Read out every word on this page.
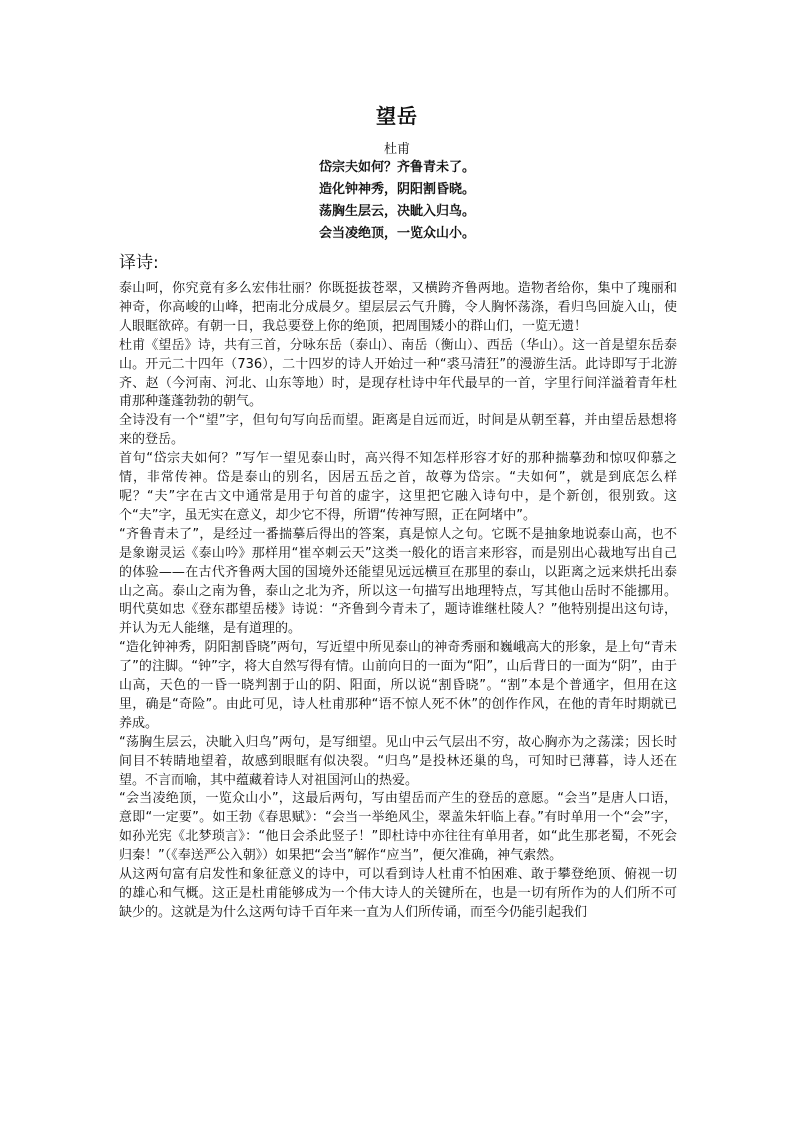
望岳
杜甫
岱宗夫如何？齐鲁青未了。
造化钟神秀，阴阳割昏晓。
荡胸生层云，决眦入归鸟。
会当凌绝顶，一览众山小。
译诗:

泰山呵，你究竟有多么宏伟壮丽？你既挺拔苍翠，又横跨齐鲁两地。造物者给你，集中了瑰丽和神奇，你高峻的山峰，把南北分成晨夕。望层层云气升腾，令人胸怀荡涤，看归鸟回旋入山，使人眼眶欲碎。有朝一日，我总要登上你的绝顶，把周围矮小的群山们，一览无遗！

杜甫《望岳》诗，共有三首，分咏东岳（泰山）、南岳（衡山）、西岳（华山）。这一首是望东岳泰山。开元二十四年（736），二十四岁的诗人开始过一种“裘马清狂”的漫游生活。此诗即写于北游齐、赵（今河南、河北、山东等地）时，是现存杜诗中年代最早的一首，字里行间洋溢着青年杜甫那种蓬蓬勃勃的朝气。

全诗没有一个“望”字，但句句写向岳而望。距离是自远而近，时间是从朝至暮，并由望岳悬想将来的登岳。

首句“岱宗夫如何？”写乍一望见泰山时，高兴得不知怎样形容才好的那种揣摹劲和惊叹仰慕之情，非常传神。岱是泰山的别名，因居五岳之首，故尊为岱宗。“夫如何”，就是到底怎么样呢？“夫”字在古文中通常是用于句首的虚字，这里把它融入诗句中，是个新创，很别致。这个“夫”字，虽无实在意义，却少它不得，所谓“传神写照，正在阿堵中”。

“齐鲁青未了”，是经过一番揣摹后得出的答案，真是惊人之句。它既不是抽象地说泰山高，也不是象谢灵运《泰山吟》那样用“崔卒刺云天”这类一般化的语言来形容，而是别出心裁地写出自己的体验——在古代齐鲁两大国的国境外还能望见远远横亘在那里的泰山，以距离之远来烘托出泰山之高。泰山之南为鲁，泰山之北为齐，所以这一句描写出地理特点，写其他山岳时不能挪用。明代莫如忠《登东郡望岳楼》诗说：“齐鲁到今青未了，题诗谁继杜陵人？”他特别提出这句诗，并认为无人能继，是有道理的。

“造化钟神秀，阴阳割昏晓”两句，写近望中所见泰山的神奇秀丽和巍峨高大的形象，是上句“青未了”的注脚。“钟”字，将大自然写得有情。山前向日的一面为“阳”，山后背日的一面为“阴”，由于山高，天色的一昏一晓判割于山的阴、阳面，所以说“割昏晓”。“割”本是个普通字，但用在这里，确是“奇险”。由此可见，诗人杜甫那种“语不惊人死不休”的创作作风，在他的青年时期就已养成。

“荡胸生层云，决眦入归鸟”两句，是写细望。见山中云气层出不穷，故心胸亦为之荡漾；因长时间目不转睛地望着，故感到眼眶有似决裂。“归鸟”是投林还巢的鸟，可知时已薄暮，诗人还在望。不言而喻，其中蕴藏着诗人对祖国河山的热爱。

“会当凌绝顶，一览众山小”，这最后两句，写由望岳而产生的登岳的意愿。“会当”是唐人口语，意即“一定要”。如王勃《春思赋》：“会当一举绝风尘，翠盖朱轩临上春。”有时单用一个“会”字，如孙光宪《北梦琐言》：“他日会杀此竖子！”即杜诗中亦往往有单用者，如“此生那老蜀，不死会归秦！”（《奉送严公入朝》）如果把“会当”解作“应当”，便欠准确，神气索然。

从这两句富有启发性和象征意义的诗中，可以看到诗人杜甫不怕困难、敢于攀登绝顶、俯视一切的雄心和气概。这正是杜甫能够成为一个伟大诗人的关键所在，也是一切有所作为的人们所不可缺少的。这就是为什么这两句诗千百年来一直为人们所传诵，而至今仍能引起我们
